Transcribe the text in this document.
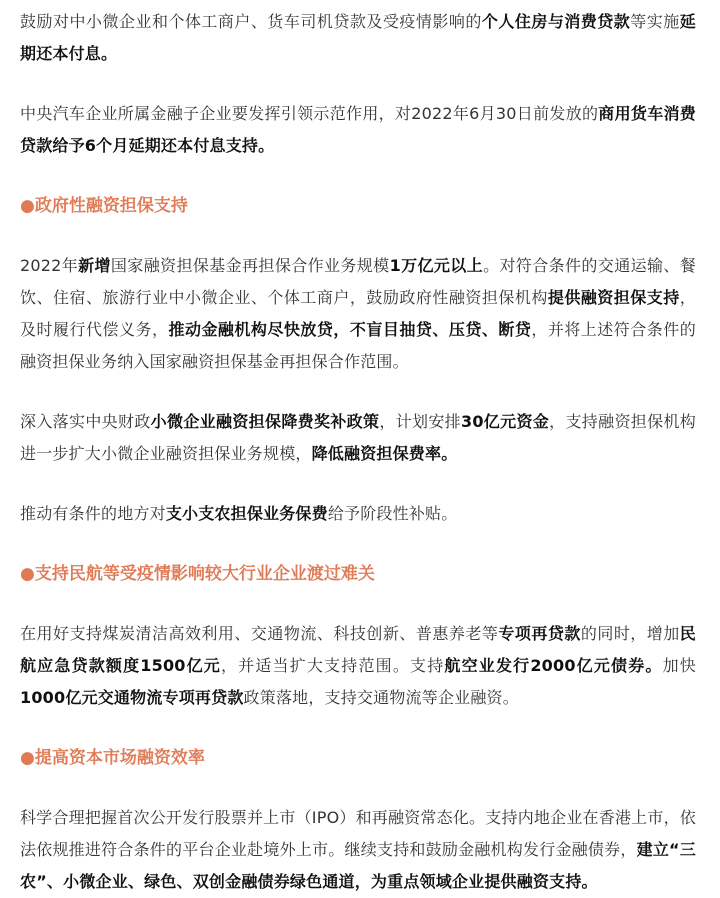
鼓励对中小微企业和个体工商户、货车司机贷款及受疫情影响的个人住房与消费贷款等实施延期还本付息。

中央汽车企业所属金融子企业要发挥引领示范作用，对2022年6月30日前发放的商用货车消费贷款给予6个月延期还本付息支持。

●政府性融资担保支持

2022年新增国家融资担保基金再担保合作业务规模1万亿元以上。对符合条件的交通运输、餐饮、住宿、旅游行业中小微企业、个体工商户，鼓励政府性融资担保机构提供融资担保支持，及时履行代偿义务，推动金融机构尽快放贷，不盲目抽贷、压贷、断贷，并将上述符合条件的融资担保业务纳入国家融资担保基金再担保合作范围。

深入落实中央财政小微企业融资担保降费奖补政策，计划安排30亿元资金，支持融资担保机构进一步扩大小微企业融资担保业务规模，降低融资担保费率。

推动有条件的地方对支小支农担保业务保费给予阶段性补贴。

●支持民航等受疫情影响较大行业企业渡过难关

在用好支持煤炭清洁高效利用、交通物流、科技创新、普惠养老等专项再贷款的同时，增加民航应急贷款额度1500亿元，并适当扩大支持范围。支持航空业发行2000亿元债券。加快1000亿元交通物流专项再贷款政策落地，支持交通物流等企业融资。

●提高资本市场融资效率

科学合理把握首次公开发行股票并上市（IPO）和再融资常态化。支持内地企业在香港上市，依法依规推进符合条件的平台企业赴境外上市。继续支持和鼓励金融机构发行金融债券，建立“三农”、小微企业、绿色、双创金融债券绿色通道，为重点领域企业提供融资支持。
